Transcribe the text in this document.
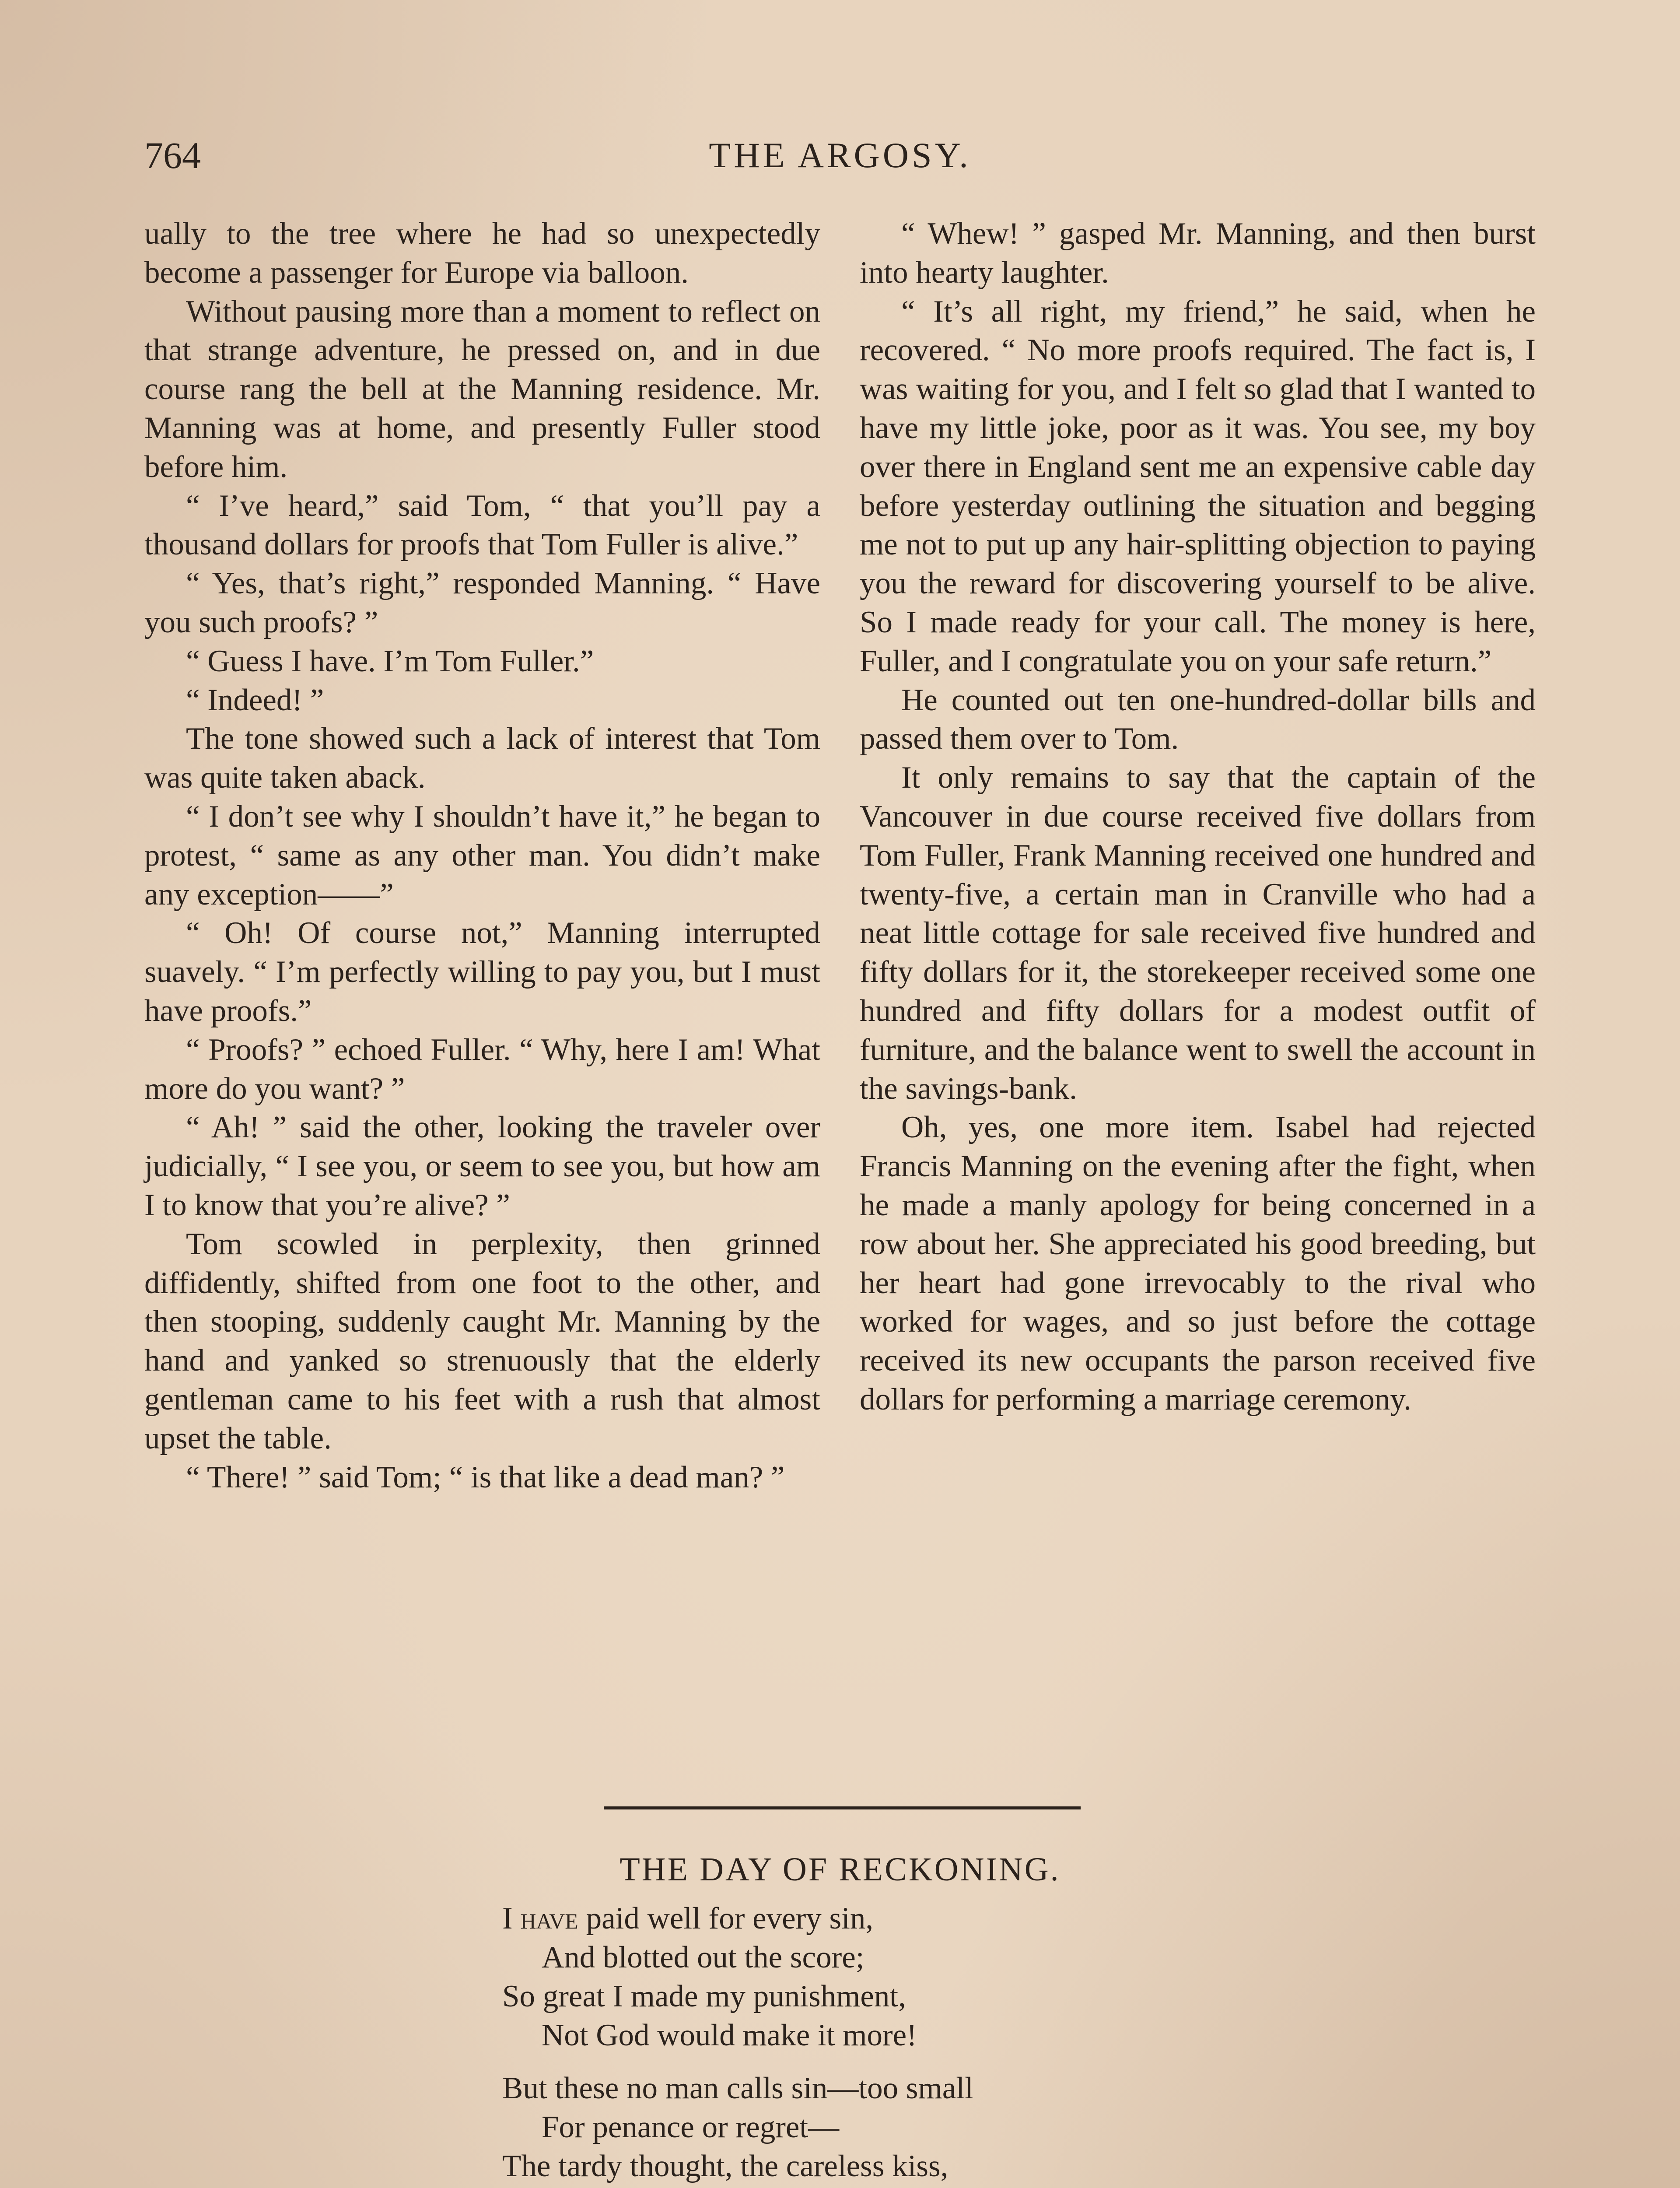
764	THE ARGOSY.

ually to the tree where he had so unexpectedly become a passenger for Europe via balloon.

Without pausing more than a moment to reflect on that strange adventure, he pressed on, and in due course rang the bell at the Manning residence. Mr. Manning was at home, and presently Fuller stood before him.

“ I’ve heard,” said Tom, “ that you’ll pay a thousand dollars for proofs that Tom Fuller is alive.”

“ Yes, that’s right,” responded Manning. “ Have you such proofs? ”

“ Guess I have. I’m Tom Fuller.”

“ Indeed! ”

The tone showed such a lack of interest that Tom was quite taken aback.

“ I don’t see why I shouldn’t have it,” he began to protest, “ same as any other man. You didn’t make any exception——”

“ Oh! Of course not,” Manning interrupted suavely. “ I’m perfectly willing to pay you, but I must have proofs.”

“ Proofs? ” echoed Fuller. “ Why, here I am! What more do you want? ”

“ Ah! ” said the other, looking the traveler over judicially, “ I see you, or seem to see you, but how am I to know that you’re alive? ”

Tom scowled in perplexity, then grinned diffidently, shifted from one foot to the other, and then stooping, suddenly caught Mr. Manning by the hand and yanked so strenuously that the elderly gentleman came to his feet with a rush that almost upset the table.

“ There! ” said Tom; “ is that like a dead man? ”

“ Whew! ” gasped Mr. Manning, and then burst into hearty laughter.

“ It’s all right, my friend,” he said, when he recovered. “ No more proofs required. The fact is, I was waiting for you, and I felt so glad that I wanted to have my little joke, poor as it was. You see, my boy over there in England sent me an expensive cable day before yesterday outlining the situation and begging me not to put up any hair-splitting objection to paying you the reward for discovering yourself to be alive. So I made ready for your call. The money is here, Fuller, and I congratulate you on your safe return.”

He counted out ten one-hundred-dollar bills and passed them over to Tom.

It only remains to say that the captain of the Vancouver in due course received five dollars from Tom Fuller, Frank Manning received one hundred and twenty-five, a certain man in Cranville who had a neat little cottage for sale received five hundred and fifty dollars for it, the storekeeper received some one hundred and fifty dollars for a modest outfit of furniture, and the balance went to swell the account in the savings-bank.

Oh, yes, one more item. Isabel had rejected Francis Manning on the evening after the fight, when he made a manly apology for being concerned in a row about her. She appreciated his good breeding, but her heart had gone irrevocably to the rival who worked for wages, and so just before the cottage received its new occupants the parson received five dollars for performing a marriage ceremony.

THE DAY OF RECKONING.
I have paid well for every sin,
And blotted out the score;
So great I made my punishment,
Not God would make it more!
But these no man calls sin—too small
For penance or regret—
The tardy thought, the careless kiss,
